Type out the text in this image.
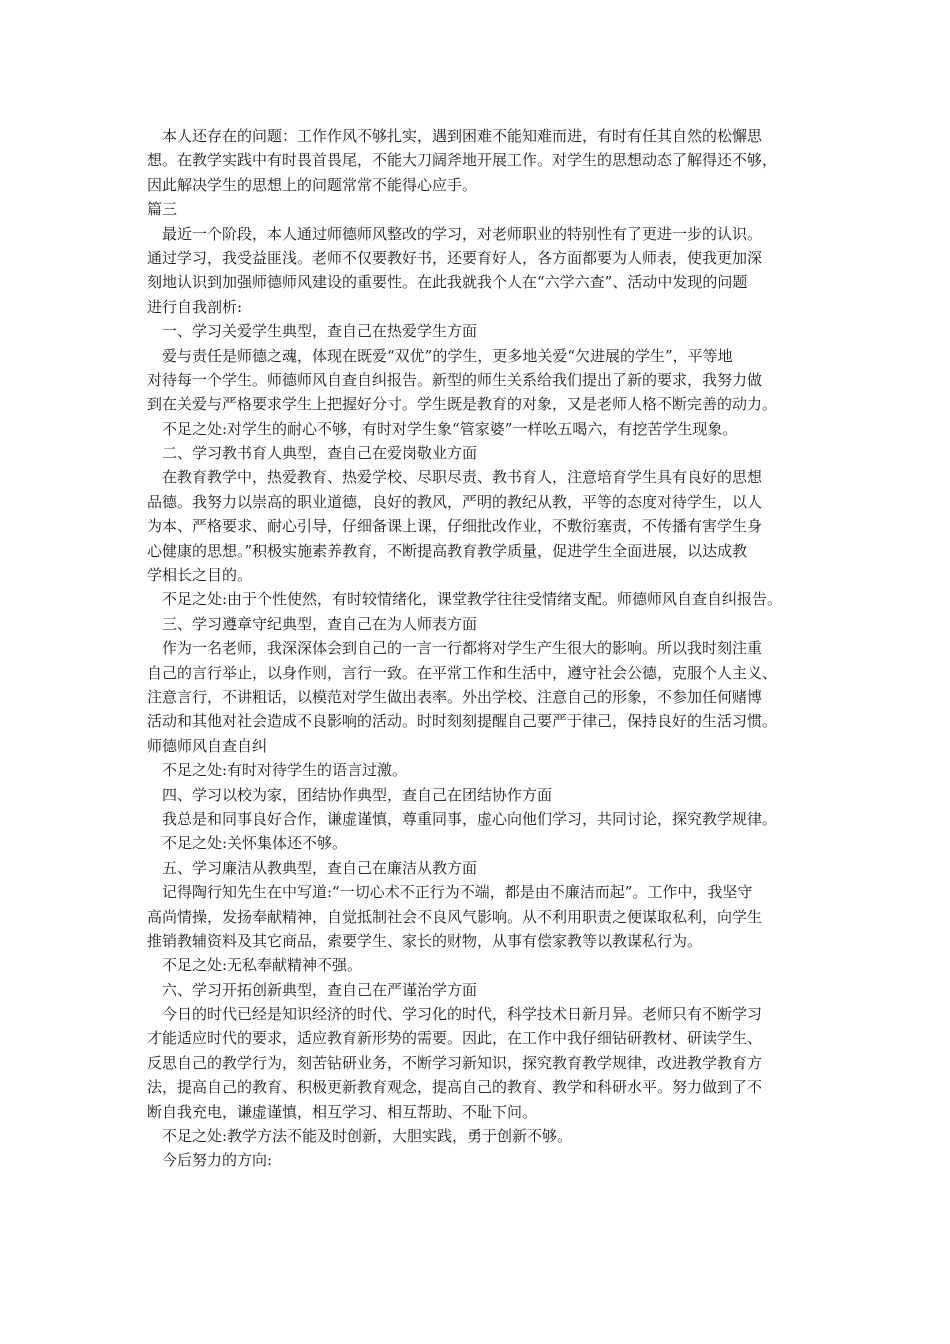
本人还存在的问题：工作作风不够扎实，遇到困难不能知难而进，有时有任其自然的松懈思
想。在教学实践中有时畏首畏尾，不能大刀阔斧地开展工作。对学生的思想动态了解得还不够，
因此解决学生的思想上的问题常常不能得心应手。
篇三
最近一个阶段，本人通过师德师风整改的学习，对老师职业的特别性有了更进一步的认识。
通过学习，我受益匪浅。老师不仅要教好书，还要育好人，各方面都要为人师表，使我更加深
刻地认识到加强师德师风建设的重要性。在此我就我个人在“六学六查”、活动中发现的问题
进行自我剖析:
一、学习关爱学生典型，查自己在热爱学生方面
爱与责任是师德之魂，体现在既爱“双优”的学生，更多地关爱“欠进展的学生”，平等地
对待每一个学生。师德师风自查自纠报告。新型的师生关系给我们提出了新的要求，我努力做
到在关爱与严格要求学生上把握好分寸。学生既是教育的对象，又是老师人格不断完善的动力。
不足之处:对学生的耐心不够，有时对学生象“管家婆”一样吆五喝六，有挖苦学生现象。
二、学习教书育人典型，查自己在爱岗敬业方面
在教育教学中，热爱教育、热爱学校、尽职尽责、教书育人，注意培育学生具有良好的思想
品德。我努力以崇高的职业道德，良好的教风，严明的教纪从教，平等的态度对待学生，以人
为本、严格要求、耐心引导，仔细备课上课，仔细批改作业，不敷衍塞责，不传播有害学生身
心健康的思想。”积极实施素养教育，不断提高教育教学质量，促进学生全面进展，以达成教
学相长之目的。
不足之处:由于个性使然，有时较情绪化，课堂教学往往受情绪支配。师德师风自查自纠报告。
三、学习遵章守纪典型，查自己在为人师表方面
作为一名老师，我深深体会到自己的一言一行都将对学生产生很大的影响。所以我时刻注重
自己的言行举止，以身作则，言行一致。在平常工作和生活中，遵守社会公德，克服个人主义、
注意言行，不讲粗话，以模范对学生做出表率。外出学校、注意自己的形象，不参加任何赌博
活动和其他对社会造成不良影响的活动。时时刻刻提醒自己要严于律己，保持良好的生活习惯。
师德师风自查自纠
不足之处:有时对待学生的语言过激。
四、学习以校为家，团结协作典型，查自己在团结协作方面
我总是和同事良好合作，谦虚谨慎，尊重同事，虚心向他们学习，共同讨论，探究教学规律。
不足之处:关怀集体还不够。
五、学习廉洁从教典型，查自己在廉洁从教方面
记得陶行知先生在中写道:“一切心术不正行为不端，都是由不廉洁而起”。工作中，我坚守
高尚情操，发扬奉献精神，自觉抵制社会不良风气影响。从不利用职责之便谋取私利，向学生
推销教辅资料及其它商品，索要学生、家长的财物，从事有偿家教等以教谋私行为。
不足之处:无私奉献精神不强。
六、学习开拓创新典型，查自己在严谨治学方面
今日的时代已经是知识经济的时代、学习化的时代，科学技术日新月异。老师只有不断学习
才能适应时代的要求，适应教育新形势的需要。因此，在工作中我仔细钻研教材、研读学生、
反思自己的教学行为，刻苦钻研业务，不断学习新知识，探究教育教学规律，改进教学教育方
法，提高自己的教育、积极更新教育观念，提高自己的教育、教学和科研水平。努力做到了不
断自我充电，谦虚谨慎，相互学习、相互帮助、不耻下问。
不足之处:教学方法不能及时创新，大胆实践，勇于创新不够。
今后努力的方向:
